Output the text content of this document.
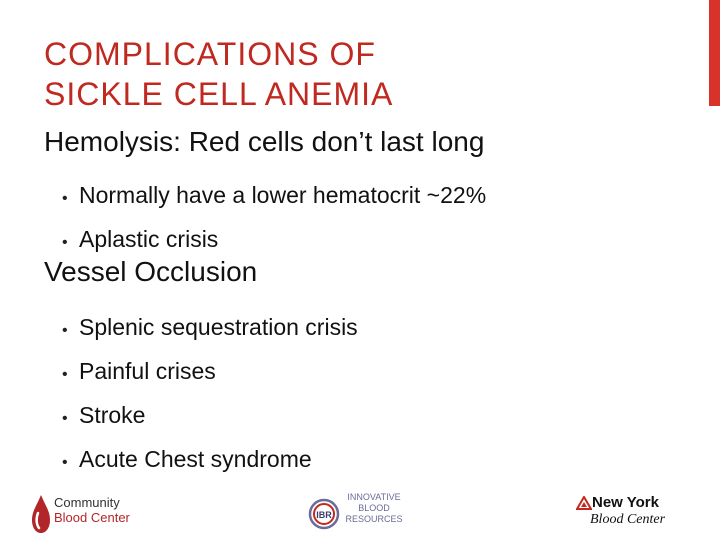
COMPLICATIONS OF
SICKLE CELL ANEMIA
Hemolysis: Red cells don’t last long
• Normally have a lower hematocrit ~22%
• Aplastic crisis
Vessel Occlusion
• Splenic sequestration crisis
• Painful crises
• Stroke
• Acute Chest syndrome
Community
Blood Center	IBR
INNOVATIVE
BLOOD
RESOURCES
New York
Blood Center
